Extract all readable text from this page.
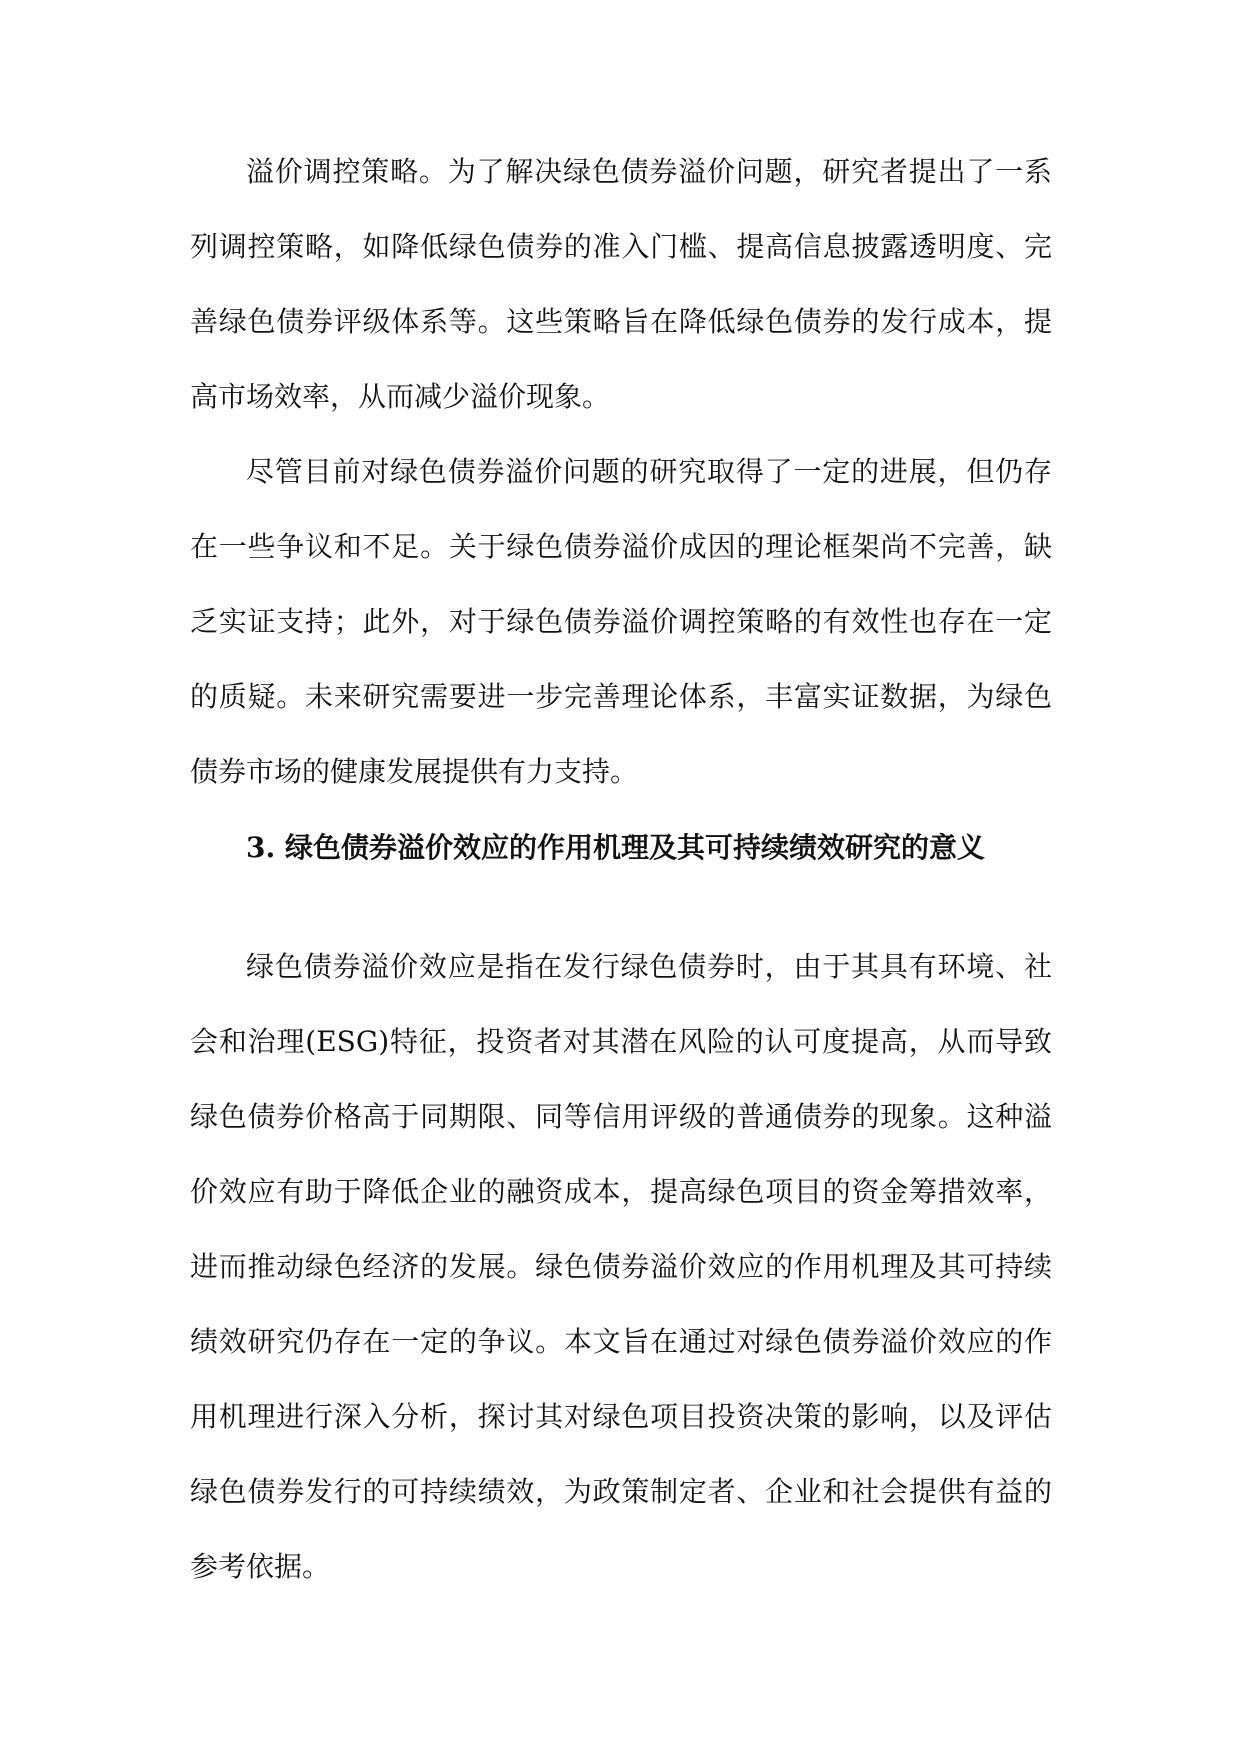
溢价调控策略。为了解决绿色债券溢价问题，研究者提出了一系列调控策略，如降低绿色债券的准入门槛、提高信息披露透明度、完善绿色债券评级体系等。这些策略旨在降低绿色债券的发行成本，提高市场效率，从而减少溢价现象。

尽管目前对绿色债券溢价问题的研究取得了一定的进展，但仍存在一些争议和不足。关于绿色债券溢价成因的理论框架尚不完善，缺乏实证支持；此外，对于绿色债券溢价调控策略的有效性也存在一定的质疑。未来研究需要进一步完善理论体系，丰富实证数据，为绿色债券市场的健康发展提供有力支持。

3. 绿色债券溢价效应的作用机理及其可持续绩效研究的意义

绿色债券溢价效应是指在发行绿色债券时，由于其具有环境、社会和治理(ESG)特征，投资者对其潜在风险的认可度提高，从而导致绿色债券价格高于同期限、同等信用评级的普通债券的现象。这种溢价效应有助于降低企业的融资成本，提高绿色项目的资金筹措效率，进而推动绿色经济的发展。绿色债券溢价效应的作用机理及其可持续绩效研究仍存在一定的争议。本文旨在通过对绿色债券溢价效应的作用机理进行深入分析，探讨其对绿色项目投资决策的影响，以及评估绿色债券发行的可持续绩效，为政策制定者、企业和社会提供有益的参考依据。
